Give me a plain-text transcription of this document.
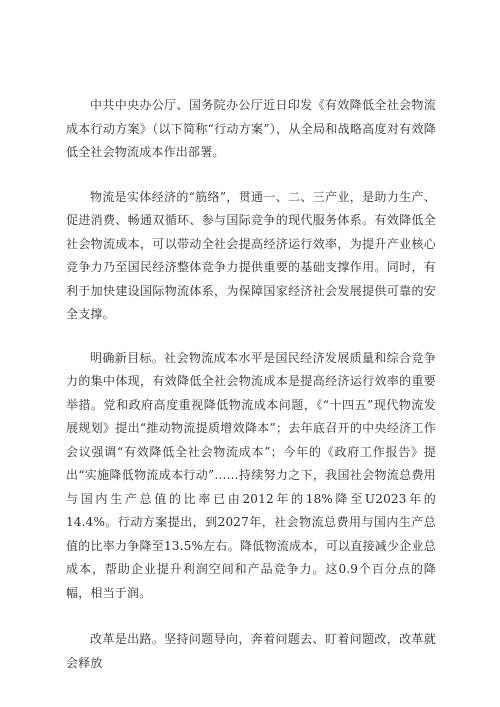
中共中央办公厅、国务院办公厅近日印发《有效降低全社会物流成本行动方案》（以下简称“行动方案”），从全局和战略高度对有效降低全社会物流成本作出部署。

物流是实体经济的“筋络”，贯通一、二、三产业，是助力生产、促进消费、畅通双循环、参与国际竞争的现代服务体系。有效降低全社会物流成本，可以带动全社会提高经济运行效率，为提升产业核心竞争力乃至国民经济整体竞争力提供重要的基础支撑作用。同时，有利于加快建设国际物流体系，为保障国家经济社会发展提供可靠的安全支撑。

明确新目标。社会物流成本水平是国民经济发展质量和综合竞争力的集中体现，有效降低全社会物流成本是提高经济运行效率的重要举措。党和政府高度重视降低物流成本问题，《“十四五”现代物流发展规划》提出“推动物流提质增效降本”；去年底召开的中央经济工作会议强调“有效降低全社会物流成本”；今年的《政府工作报告》提出“实施降低物流成本行动”……持续努力之下，我国社会物流总费用与国内生产总值的比率已由2012年的18%降至U2023年的14.4%。行动方案提出，到2027年，社会物流总费用与国内生产总值的比率力争降至13.5%左右。降低物流成本，可以直接减少企业总成本，帮助企业提升利润空间和产品竞争力。这0.9个百分点的降幅，相当于润。

改革是出路。坚持问题导向，奔着问题去、盯着问题改，改革就会释放
